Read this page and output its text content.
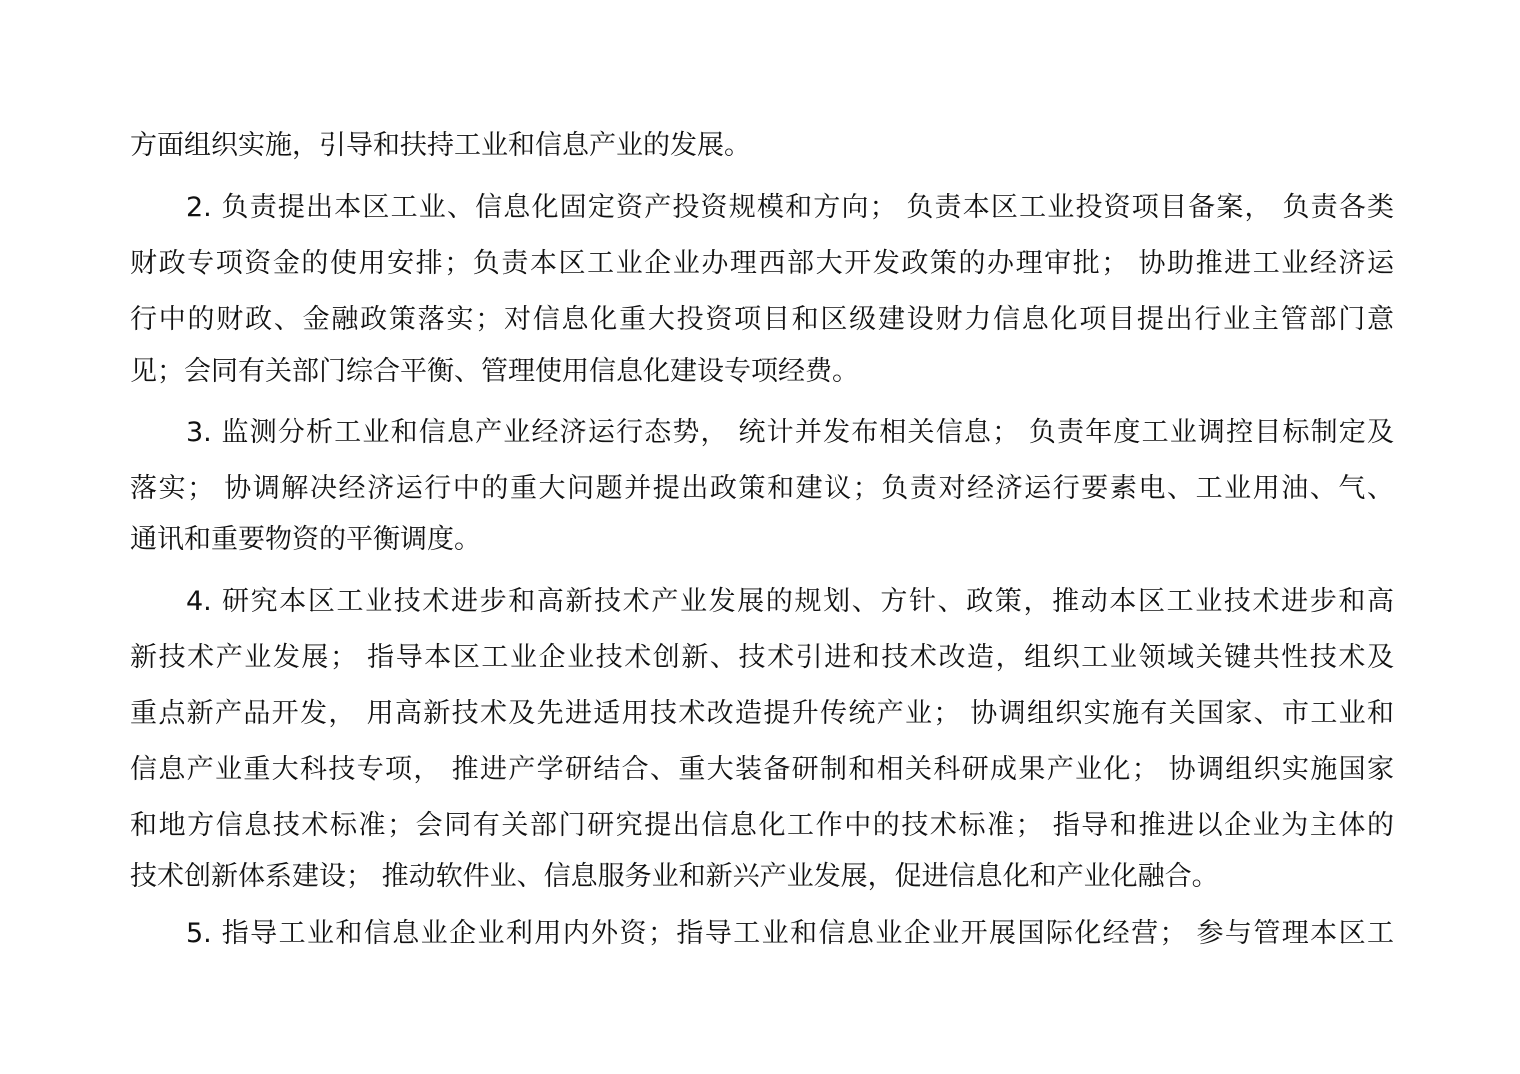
方面组织实施，引导和扶持工业和信息产业的发展。
2. 负责提出本区工业、信息化固定资产投资规模和方向； 负责本区工业投资项目备案， 负责各类
财政专项资金的使用安排；负责本区工业企业办理西部大开发政策的办理审批； 协助推进工业经济运
行中的财政、金融政策落实；对信息化重大投资项目和区级建设财力信息化项目提出行业主管部门意
见；会同有关部门综合平衡、管理使用信息化建设专项经费。
3. 监测分析工业和信息产业经济运行态势， 统计并发布相关信息； 负责年度工业调控目标制定及
落实； 协调解决经济运行中的重大问题并提出政策和建议；负责对经济运行要素电、工业用油、气、
通讯和重要物资的平衡调度。
4. 研究本区工业技术进步和高新技术产业发展的规划、方针、政策，推动本区工业技术进步和高
新技术产业发展； 指导本区工业企业技术创新、技术引进和技术改造，组织工业领域关键共性技术及
重点新产品开发， 用高新技术及先进适用技术改造提升传统产业； 协调组织实施有关国家、市工业和
信息产业重大科技专项， 推进产学研结合、重大装备研制和相关科研成果产业化； 协调组织实施国家
和地方信息技术标准；会同有关部门研究提出信息化工作中的技术标准； 指导和推进以企业为主体的
技术创新体系建设； 推动软件业、信息服务业和新兴产业发展，促进信息化和产业化融合。
5. 指导工业和信息业企业利用内外资；指导工业和信息业企业开展国际化经营； 参与管理本区工
